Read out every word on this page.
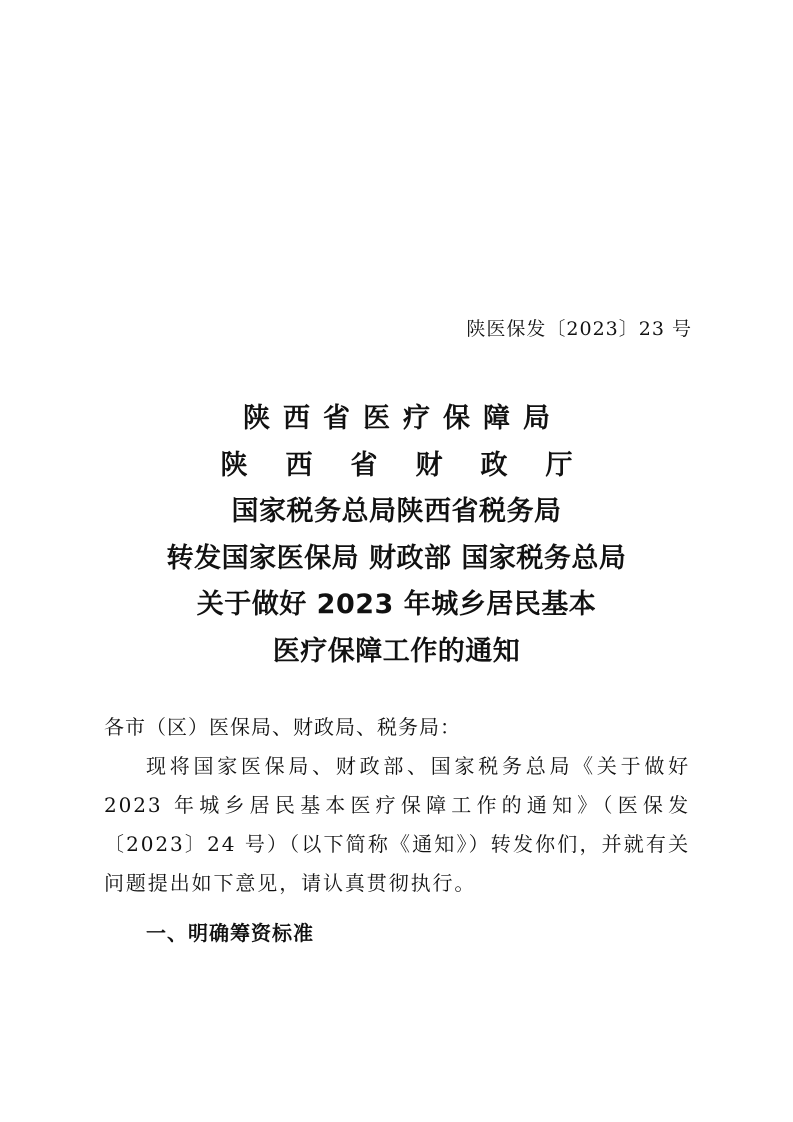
陕医保发〔2023〕23 号
陕西省医疗保障局
陕西省财政厅
国家税务总局陕西省税务局
转发国家医保局 财政部 国家税务总局
关于做好 2023 年城乡居民基本
医疗保障工作的通知
各市（区）医保局、财政局、税务局：
现将国家医保局、财政部、国家税务总局《关于做好 2023 年城乡居民基本医疗保障工作的通知》（医保发〔2023〕24 号）（以下简称《通知》）转发你们，并就有关问题提出如下意见，请认真贯彻执行。
一、明确筹资标准
